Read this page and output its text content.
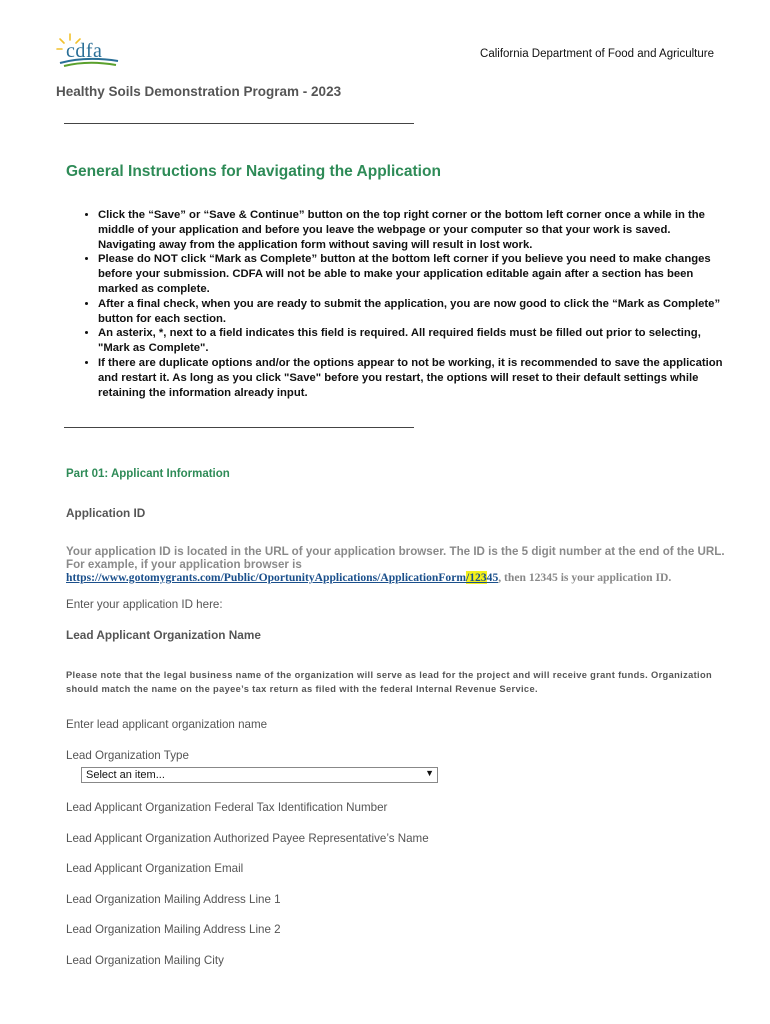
cdfa	California Department of Food and Agriculture
Healthy Soils Demonstration Program - 2023
General Instructions for Navigating the Application
• Click the “Save” or “Save & Continue” button on the top right corner or the bottom left corner once a while in the middle of your application and before you leave the webpage or your computer so that your work is saved. Navigating away from the application form without saving will result in lost work.
• Please do NOT click “Mark as Complete” button at the bottom left corner if you believe you need to make changes before your submission. CDFA will not be able to make your application editable again after a section has been marked as complete.
• After a final check, when you are ready to submit the application, you are now good to click the “Mark as Complete” button for each section.
• An asterix, *, next to a field indicates this field is required. All required fields must be filled out prior to selecting, "Mark as Complete".
• If there are duplicate options and/or the options appear to not be working, it is recommended to save the application and restart it. As long as you click "Save" before you restart, the options will reset to their default settings while retaining the information already input.
Part 01: Applicant Information
Application ID
Your application ID is located in the URL of your application browser. The ID is the 5 digit number at the end of the URL. For example, if your application browser is
https://www.gotomygrants.com/Public/OportunityApplications/ApplicationForm/12345, then 12345 is your application ID.
Enter your application ID here:
Lead Applicant Organization Name
Please note that the legal business name of the organization will serve as lead for the project and will receive grant funds. Organization should match the name on the payee’s tax return as filed with the federal Internal Revenue Service.
Enter lead applicant organization name
Lead Organization Type
Select an item...	▼
Lead Applicant Organization Federal Tax Identification Number
Lead Applicant Organization Authorized Payee Representative’s Name
Lead Applicant Organization Email
Lead Organization Mailing Address Line 1
Lead Organization Mailing Address Line 2
Lead Organization Mailing City
